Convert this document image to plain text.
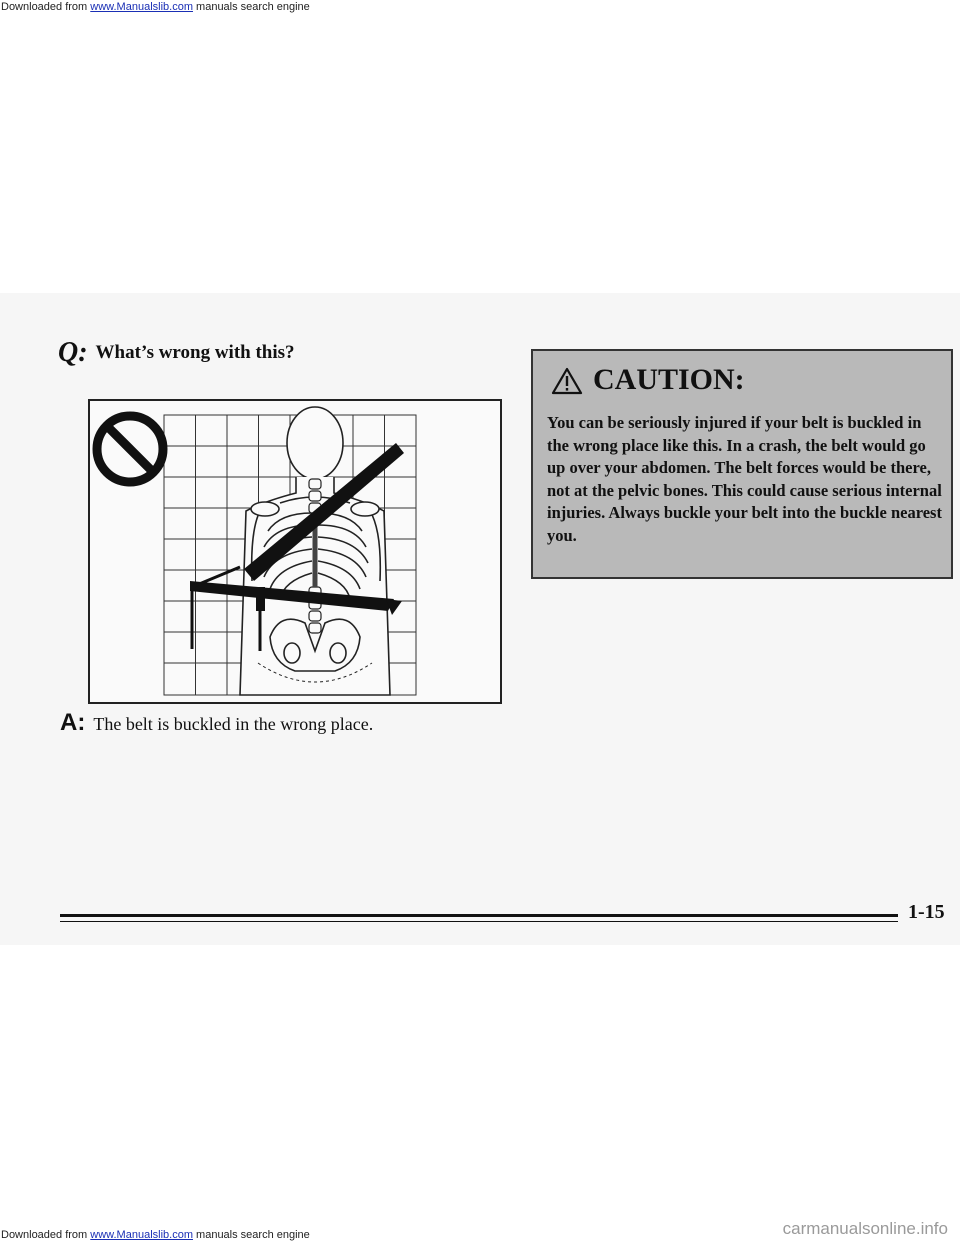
Downloaded from www.Manualslib.com manuals search engine
Q: What’s wrong with this?
A: The belt is buckled in the wrong place.
CAUTION:
You can be seriously injured if your belt is buckled in the wrong place like this. In a crash, the belt would go up over your abdomen. The belt forces would be there, not at the pelvic bones. This could cause serious internal injuries. Always buckle your belt into the buckle nearest you.
1-15
Downloaded from www.Manualslib.com manuals search engine	carmanualsonline.info
